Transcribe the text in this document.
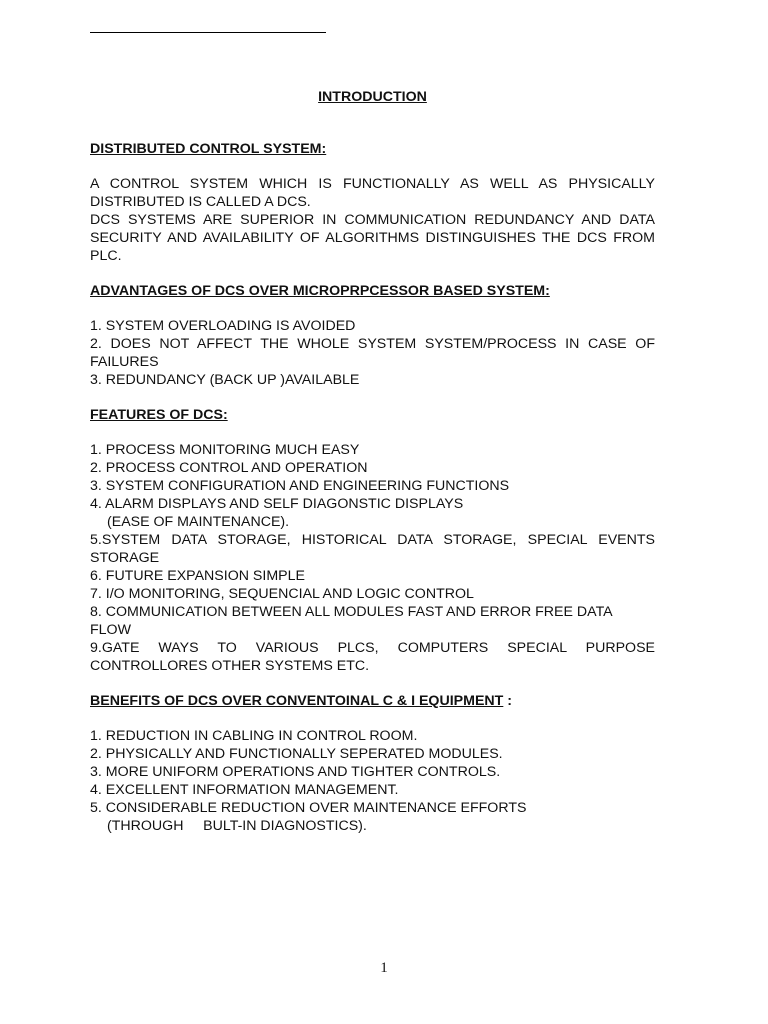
INTRODUCTION

DISTRIBUTED CONTROL SYSTEM:

A CONTROL SYSTEM WHICH IS FUNCTIONALLY AS WELL AS PHYSICALLY DISTRIBUTED IS CALLED A DCS.

DCS SYSTEMS ARE SUPERIOR IN COMMUNICATION REDUNDANCY AND DATA SECURITY AND AVAILABILITY OF ALGORITHMS DISTINGUISHES THE DCS FROM PLC.

ADVANTAGES OF DCS OVER MICROPRPCESSOR BASED SYSTEM:

1. SYSTEM OVERLOADING IS AVOIDED

2. DOES NOT AFFECT THE WHOLE SYSTEM SYSTEM/PROCESS IN CASE OF FAILURES

3. REDUNDANCY (BACK UP )AVAILABLE

FEATURES OF DCS:

1. PROCESS MONITORING MUCH EASY

2. PROCESS CONTROL AND OPERATION

3. SYSTEM CONFIGURATION AND ENGINEERING FUNCTIONS

4. ALARM DISPLAYS AND SELF DIAGONSTIC DISPLAYS

(EASE OF MAINTENANCE).

5.SYSTEM DATA STORAGE, HISTORICAL DATA STORAGE, SPECIAL EVENTS STORAGE

6. FUTURE EXPANSION SIMPLE

7. I/O MONITORING, SEQUENCIAL AND LOGIC CONTROL

8. COMMUNICATION BETWEEN ALL MODULES FAST AND ERROR FREE DATA FLOW

9.GATE WAYS TO VARIOUS PLCS, COMPUTERS SPECIAL PURPOSE CONTROLLORES OTHER SYSTEMS ETC.

BENEFITS OF DCS OVER CONVENTOINAL C & I EQUIPMENT :

1. REDUCTION IN CABLING IN CONTROL ROOM.

2. PHYSICALLY AND FUNCTIONALLY SEPERATED MODULES.

3. MORE UNIFORM OPERATIONS AND TIGHTER CONTROLS.

4. EXCELLENT INFORMATION MANAGEMENT.

5. CONSIDERABLE REDUCTION OVER MAINTENANCE EFFORTS

(THROUGH     BULT-IN DIAGNOSTICS).

1
